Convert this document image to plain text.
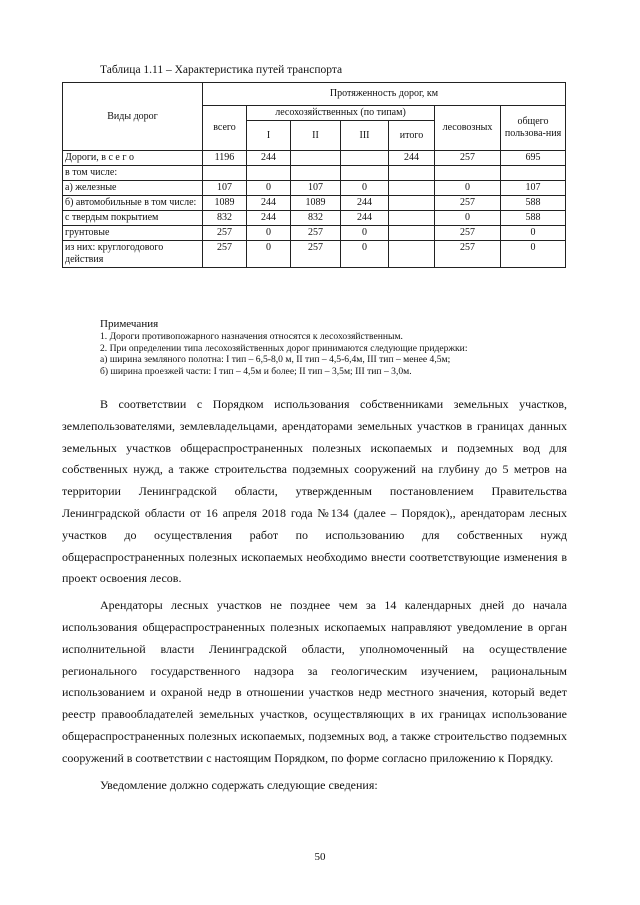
Таблица 1.11 – Характеристика путей транспорта
Виды дорог	Протяженность дорог, км						
	всего	лесохозяйственных (по типам)				лесовозных	общего пользова-ния
		I	II	III	итого		
Дороги, в с е г о	1196	244			244	257	695
в том числе:							
а) железные	107	0	107	0		0	107
б) автомобильные в том числе:	1089	244	1089	244		257	588
с твердым покрытием	832	244	832	244		0	588
грунтовые	257	0	257	0		257	0
из них: круглогодового действия	257	0	257	0		257	0
Примечания
1. Дороги противопожарного назначения относятся к лесохозяйственным.
2. При определении типа лесохозяйственных дорог принимаются следующие придержки:
а) ширина земляного полотна: I тип – 6,5-8,0 м, II тип – 4,5-6,4м, III тип – менее 4,5м;
б) ширина проезжей части: I тип – 4,5м и более; II тип – 3,5м; III тип – 3,0м.

В соответствии с Порядком использования собственниками земельных участков, землепользователями, землевладельцами, арендаторами земельных участков в границах данных земельных участков общераспространенных полезных ископаемых и подземных вод для собственных нужд, а также строительства подземных сооружений на глубину до 5 метров на территории Ленинградской области, утвержденным постановлением Правительства Ленинградской области от 16 апреля 2018 года №134 (далее – Порядок),, арендаторам лесных участков до осуществления работ по использованию для собственных нужд общераспространенных полезных ископаемых необходимо внести соответствующие изменения в проект освоения лесов.

Арендаторы лесных участков не позднее чем за 14 календарных дней до начала использования общераспространенных полезных ископаемых направляют уведомление в орган исполнительной власти Ленинградской области, уполномоченный на осуществление регионального государственного надзора за геологическим изучением, рациональным использованием и охраной недр в отношении участков недр местного значения, который ведет реестр правообладателей земельных участков, осуществляющих в их границах использование общераспространенных полезных ископаемых, подземных вод, а также строительство подземных сооружений в соответствии с настоящим Порядком, по форме согласно приложению к Порядку.

Уведомление должно содержать следующие сведения:

50
